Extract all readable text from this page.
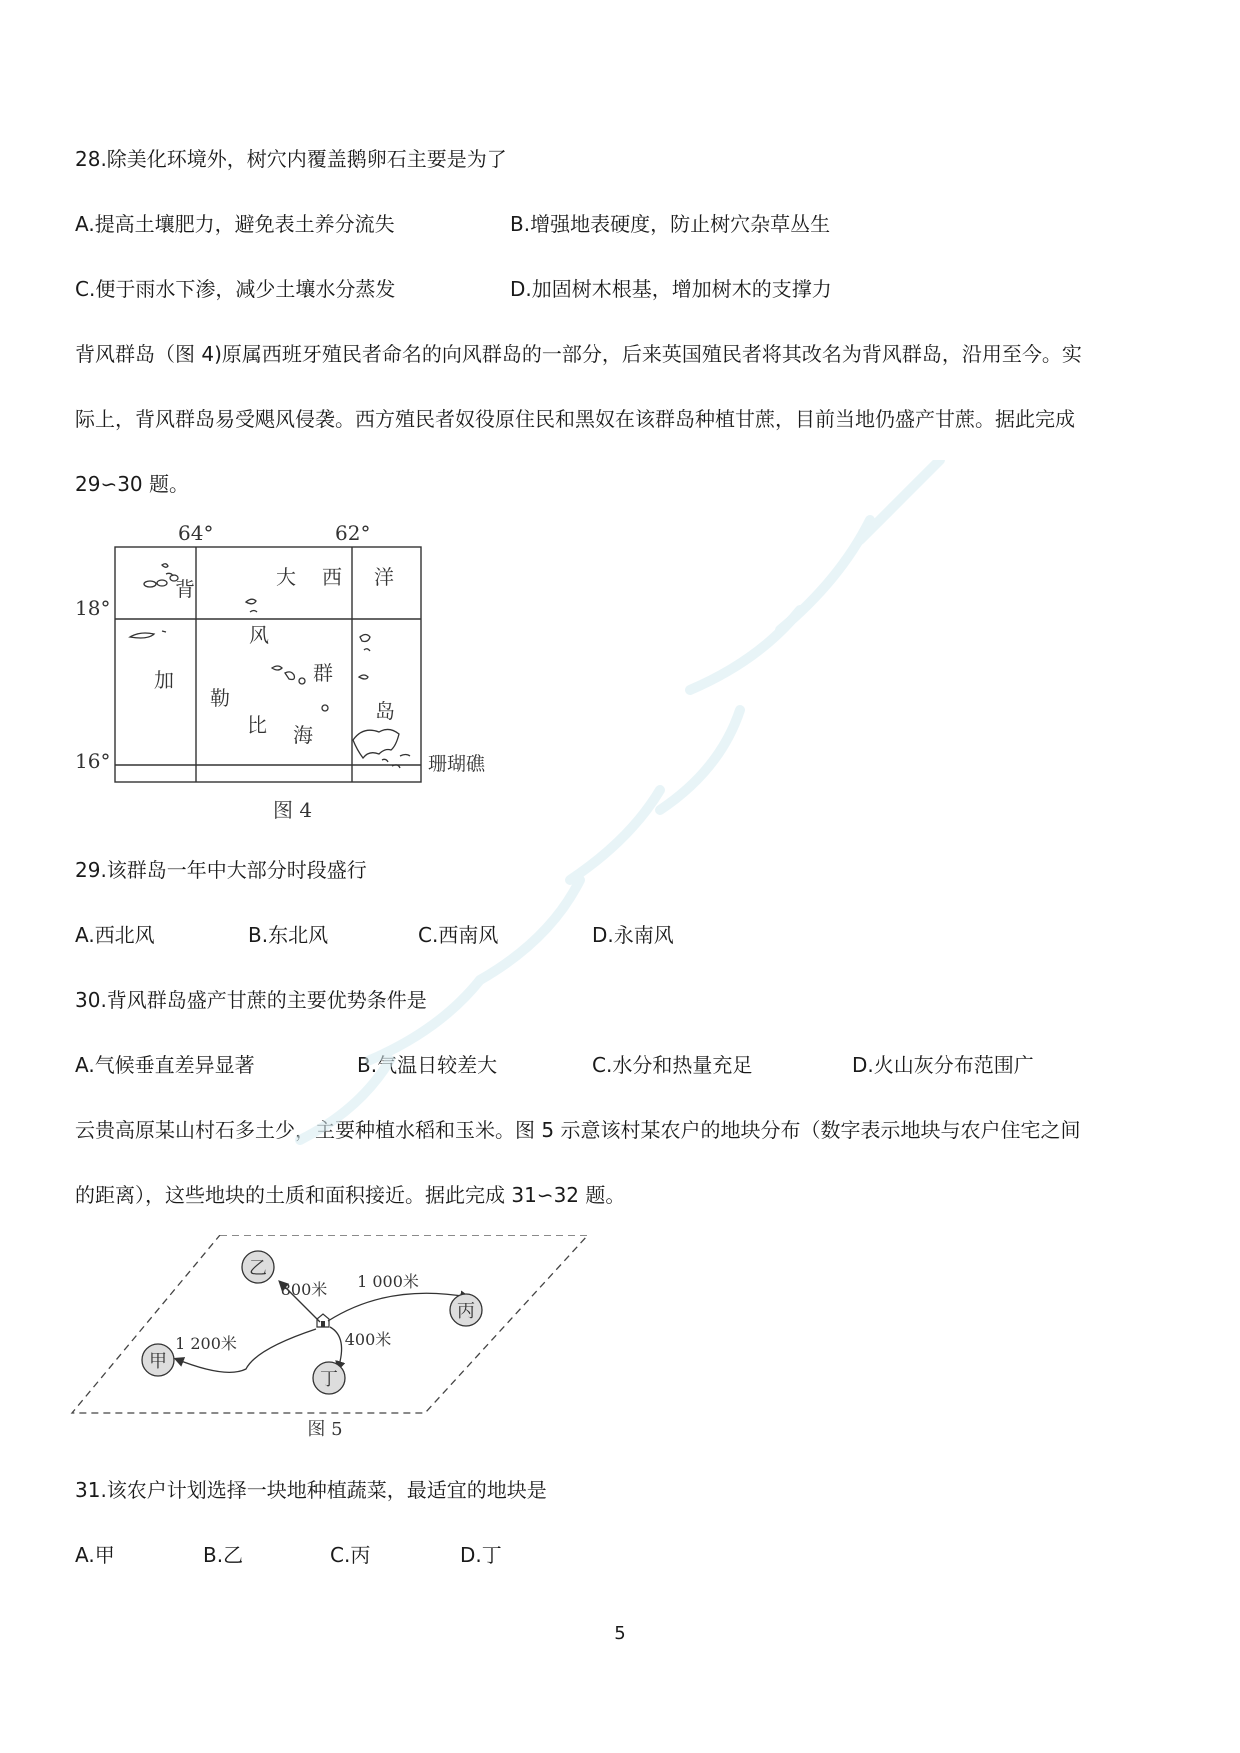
28.除美化环境外，树穴内覆盖鹅卵石主要是为了
A.提高土壤肥力，避免表土养分流失	B.增强地表硬度，防止树穴杂草丛生
C.便于雨水下渗，减少土壤水分蒸发	D.加固树木根基，增加树木的支撑力
背风群岛（图 4)原属西班牙殖民者命名的向风群岛的一部分，后来英国殖民者将其改名为背风群岛，沿用至今。实
际上，背风群岛易受飓风侵袭。西方殖民者奴役原住民和黑奴在该群岛种植甘蔗，目前当地仍盛产甘蔗。据此完成
29∽30 题。
64°	62°
18°
16°
大 西 洋
背
风
群
岛
加
勒
比 海
珊瑚礁
图 4
29.该群岛一年中大部分时段盛行
A.西北风	B.东北风	C.西南风	D.永南风
30.背风群岛盛产甘蔗的主要优势条件是
A.气候垂直差异显著	B.气温日较差大	C.水分和热量充足	D.火山灰分布范围广
云贵高原某山村石多土少，主要种植水稻和玉米。图 5 示意该村某农户的地块分布（数字表示地块与农户住宅之间
的距离），这些地块的土质和面积接近。据此完成 31∽32 题。
乙
丙
甲
丁
800米 1 000米
1 200米	400米
图 5
31.该农户计划选择一块地种植蔬菜，最适宜的地块是
A.甲	B.乙	C.丙	D.丁
5
